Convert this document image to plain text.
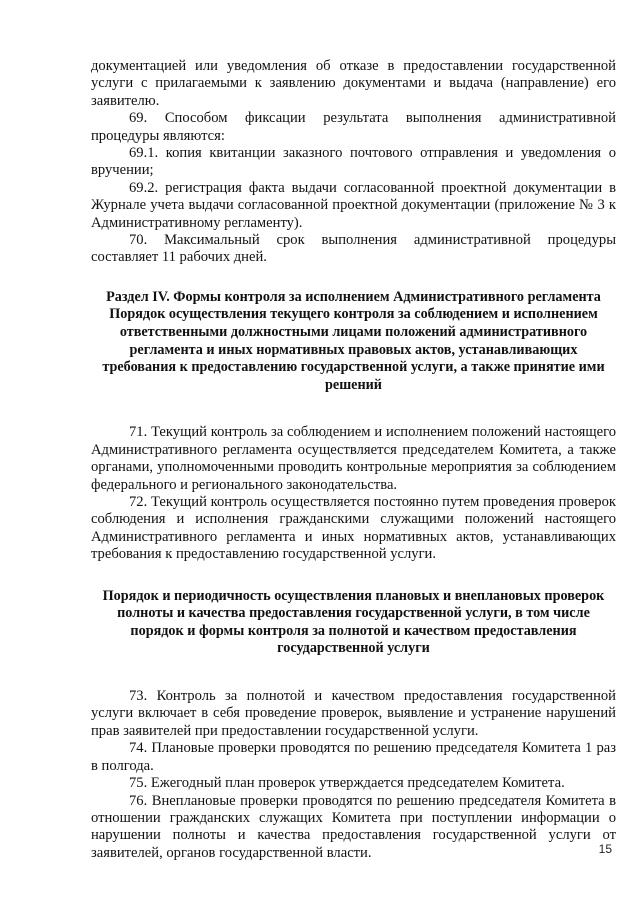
документацией или уведомления об отказе в предоставлении государственной услуги с прилагаемыми к заявлению документами и выдача (направление) его заявителю.

69. Способом фиксации результата выполнения административной процедуры являются:

69.1. копия квитанции заказного почтового отправления и уведомления о вручении;

69.2. регистрация факта выдачи согласованной проектной документации в Журнале учета выдачи согласованной проектной документации (приложение № 3 к Административному регламенту).

70. Максимальный срок выполнения административной процедуры составляет 11 рабочих дней.

Раздел IV. Формы контроля за исполнением Административного регламента Порядок осуществления текущего контроля за соблюдением и исполнением ответственными должностными лицами положений административного регламента и иных нормативных правовых актов, устанавливающих требования к предоставлению государственной услуги, а также принятие ими решений

71. Текущий контроль за соблюдением и исполнением положений настоящего Административного регламента осуществляется председателем Комитета, а также органами, уполномоченными проводить контрольные мероприятия за соблюдением федерального и регионального законодательства.

72. Текущий контроль осуществляется постоянно путем проведения проверок соблюдения и исполнения гражданскими служащими положений настоящего Административного регламента и иных нормативных актов, устанавливающих требования к предоставлению государственной услуги.

Порядок и периодичность осуществления плановых и внеплановых проверок полноты и качества предоставления государственной услуги, в том числе порядок и формы контроля за полнотой и качеством предоставления государственной услуги

73. Контроль за полнотой и качеством предоставления государственной услуги включает в себя проведение проверок, выявление и устранение нарушений прав заявителей при предоставлении государственной услуги.

74. Плановые проверки проводятся по решению председателя Комитета 1 раз в полгода.

75. Ежегодный план проверок утверждается председателем Комитета.

76. Внеплановые проверки проводятся по решению председателя Комитета в отношении гражданских служащих Комитета при поступлении информации о нарушении полноты и качества предоставления государственной услуги от заявителей, органов государственной власти.	15
